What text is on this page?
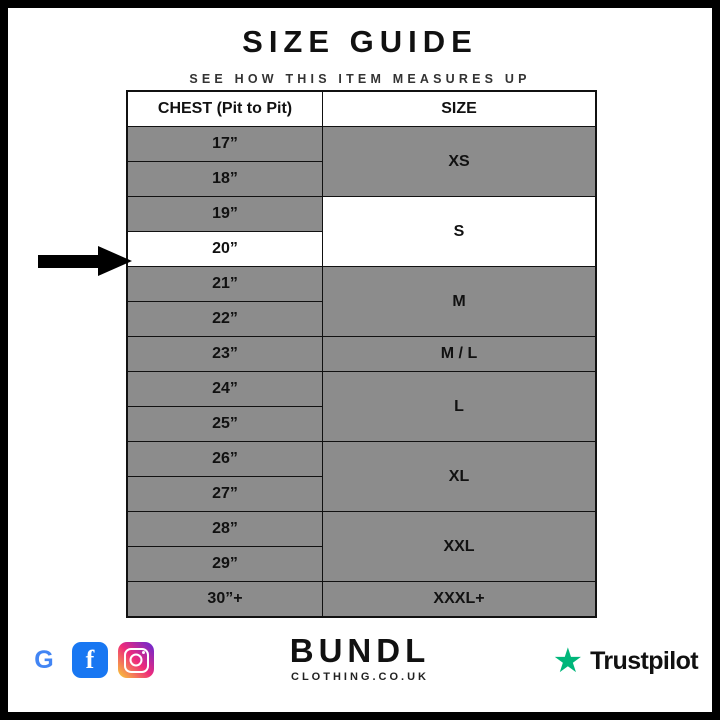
SIZE GUIDE
SEE HOW THIS ITEM MEASURES UP
CHEST (Pit to Pit)	SIZE
17”	XS
18”	
19”	S
20”	
21”	M
22”	
23”	M / L
24”	L
25”	
26”	XL
27”	
28”	XXL
29”	
30”+	XXXL+
G f	BUNDL
CLOTHING.CO.UK	★ Trustpilot
